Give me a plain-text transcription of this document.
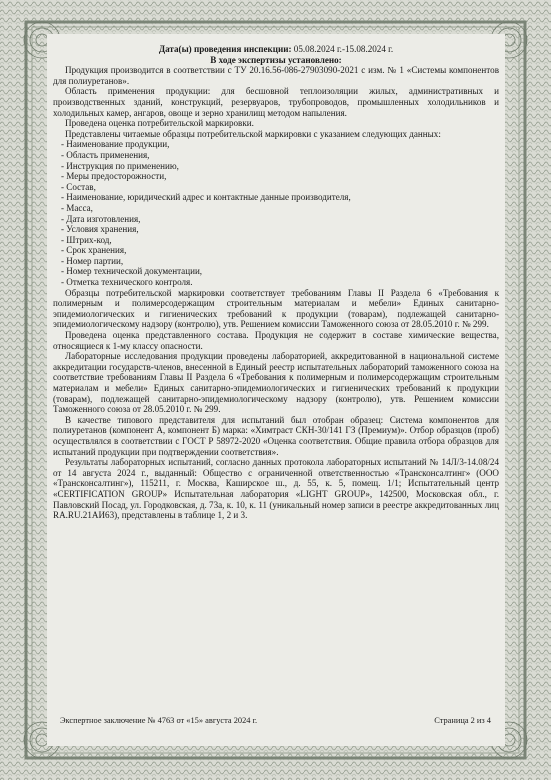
Дата(ы) проведения инспекции: 05.08.2024 г.-15.08.2024 г.

В ходе экспертизы установлено:

Продукция производится в соответствии с ТУ 20.16.56-086-27903090-2021 с изм. № 1 «Системы компонентов для полиуретанов».

Область применения продукции: для бесшовной теплоизоляции жилых, административных и производственных зданий, конструкций, резервуаров, трубопроводов, промышленных холодильников и холодильных камер, ангаров, овоще и зерно хранилищ методом напыления.

Проведена оценка потребительской маркировки.

Представлены читаемые образцы потребительской маркировки с указанием следующих данных:

- Наименование продукции,
- Область применения,
- Инструкция по применению,
- Меры предосторожности,
- Состав,
- Наименование, юридический адрес и контактные данные производителя,
- Масса,
- Дата изготовления,
- Условия хранения,
- Штрих-код,
- Срок хранения,
- Номер партии,
- Номер технической документации,
- Отметка технического контроля.

Образцы потребительской маркировки соответствует требованиям Главы II Раздела 6 «Требования к полимерным и полимерсодержащим строительным материалам и мебели» Единых санитарно-эпидемиологических и гигиенических требований к продукции (товарам), подлежащей санитарно-эпидемиологическому надзору (контролю), утв. Решением комиссии Таможенного союза от 28.05.2010 г. № 299.

Проведена оценка представленного состава. Продукция не содержит в составе химические вещества, относящиеся к 1-му классу опасности.

Лабораторные исследования продукции проведены лабораторией, аккредитованной в национальной системе аккредитации государств-членов, внесенной в Единый реестр испытательных лабораторий таможенного союза на соответствие требованиям Главы II Раздела 6 «Требования к полимерным и полимерсодержащим строительным материалам и мебели» Единых санитарно-эпидемиологических и гигиенических требований к продукции (товарам), подлежащей санитарно-эпидемиологическому надзору (контролю), утв. Решением комиссии Таможенного союза от 28.05.2010 г. № 299.

В качестве типового представителя для испытаний был отобран образец: Система компонентов для полиуретанов (компонент А, компонент Б) марка: «Химтраст СКН-30/141 ГЗ (Премиум)». Отбор образцов (проб) осуществлялся в соответствии с ГОСТ Р 58972-2020 «Оценка соответствия. Общие правила отбора образцов для испытаний продукции при подтверждении соответствия».

Результаты лабораторных испытаний, согласно данных протокола лабораторных испытаний № 14Л/3-14.08/24 от 14 августа 2024 г., выданный: Общество с ограниченной ответственностью «Трансконсалтинг» (ООО «Трансконсалтинг»), 115211, г. Москва, Каширское ш., д. 55, к. 5, помещ. 1/1; Испытательный центр «CERTIFICATION GROUP» Испытательная лаборатория «LIGHT GROUP», 142500, Московская обл., г. Павловский Посад, ул. Городковская, д. 73а, к. 10, к. 11 (уникальный номер записи в реестре аккредитованных лиц RA.RU.21АИ63), представлены в таблице 1, 2 и 3.

Экспертное заключение № 4763 от «15» августа 2024 г.	Страница 2 из 4
